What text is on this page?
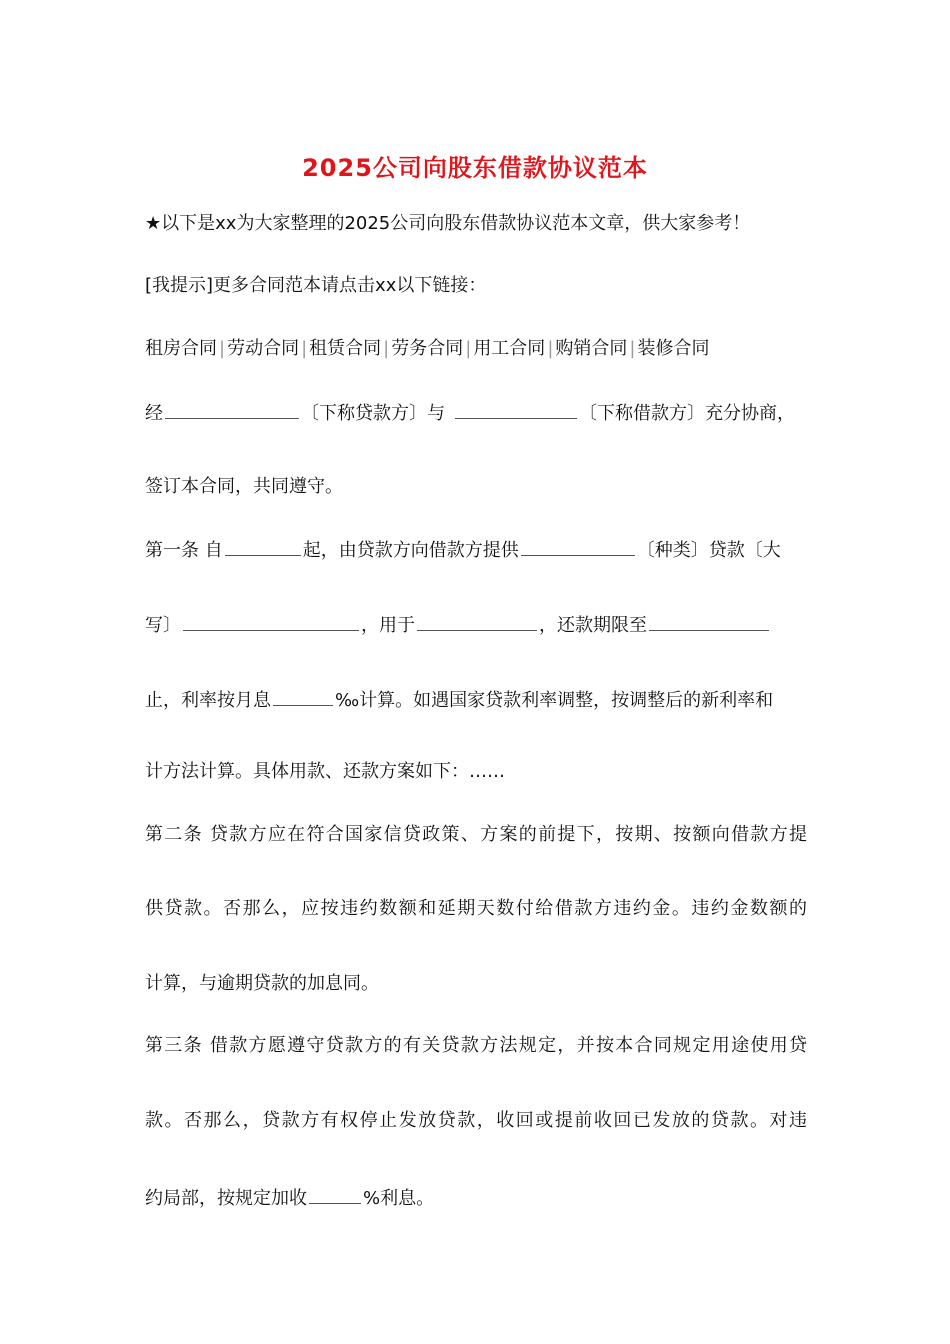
2025公司向股东借款协议范本
★以下是xx为大家整理的2025公司向股东借款协议范本文章，供大家参考！
[我提示]更多合同范本请点击xx以下链接：
租房合同 | 劳动合同 | 租赁合同 | 劳务合同 | 用工合同 | 购销合同 | 装修合同
经	〔下称贷款方〕与	〔下称借款方〕充分协商，
签订本合同，共同遵守。
第一条 自	起，由贷款方向借款方提供	〔种类〕贷款〔大
写〕	，用于	，还款期限至
止，利率按月息	‰计算。如遇国家贷款利率调整，按调整后的新利率和
计方法计算。具体用款、还款方案如下：……
第二条 贷款方应在符合国家信贷政策、方案的前提下，按期、按额向借款方提
供贷款。否那么，应按违约数额和延期天数付给借款方违约金。违约金数额的
计算，与逾期贷款的加息同。
第三条 借款方愿遵守贷款方的有关贷款方法规定，并按本合同规定用途使用贷
款。否那么，贷款方有权停止发放贷款，收回或提前收回已发放的贷款。对违
约局部，按规定加收	%利息。
